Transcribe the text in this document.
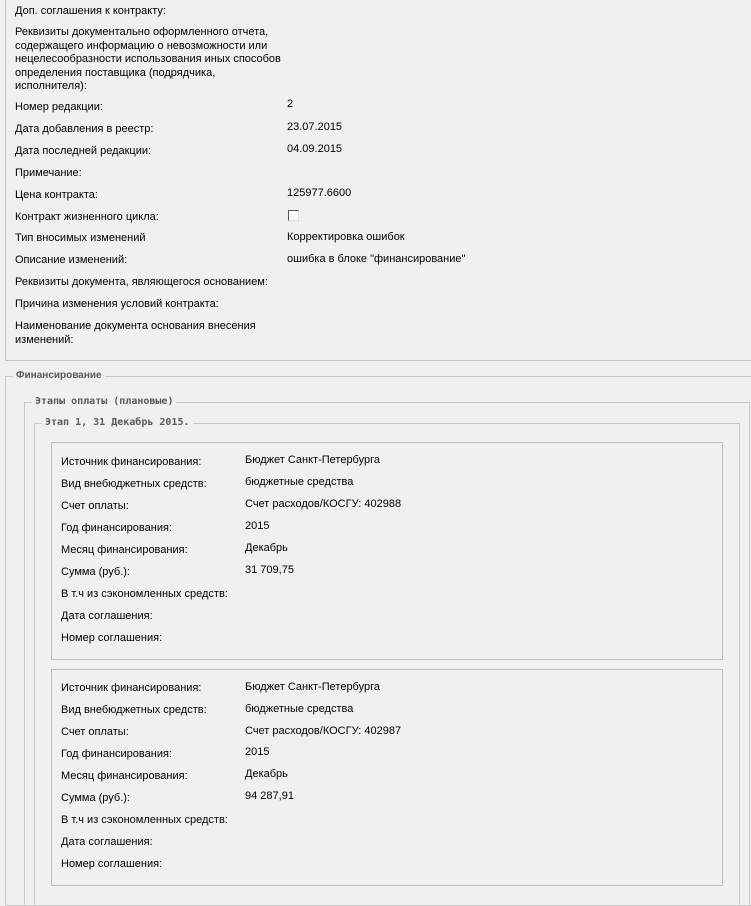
Доп. соглашения к контракту:
Реквизиты документально оформленного отчета, содержащего информацию о невозможности или нецелесообразности использования иных способов определения поставщика (подрядчика, исполнителя):
Номер редакции:	2
Дата добавления в реестр:	23.07.2015
Дата последней редакции:	04.09.2015
Примечание:
Цена контракта:	125977.6600
Контракт жизненного цикла:
Тип вносимых изменений	Корректировка ошибок
Описание изменений:	ошибка в блоке "финансирование"
Реквизиты документа, являющегося основанием:
Причина изменения условий контракта:
Наименование документа основания внесения изменений:
Финансирование
Этапы оплаты (плановые)
Этап 1, 31 Декабрь 2015.
Источник финансирования:	Бюджет Санкт-Петербурга
Вид внебюджетных средств:	бюджетные средства
Счет оплаты:	Счет расходов/КОСГУ: 402988
Год финансирования:	2015
Месяц финансирования:	Декабрь
Сумма (руб.):	31 709,75
В т.ч из сэкономленных средств:
Дата соглашения:
Номер соглашения:
Источник финансирования:	Бюджет Санкт-Петербурга
Вид внебюджетных средств:	бюджетные средства
Счет оплаты:	Счет расходов/КОСГУ: 402987
Год финансирования:	2015
Месяц финансирования:	Декабрь
Сумма (руб.):	94 287,91
В т.ч из сэкономленных средств:
Дата соглашения:
Номер соглашения:
